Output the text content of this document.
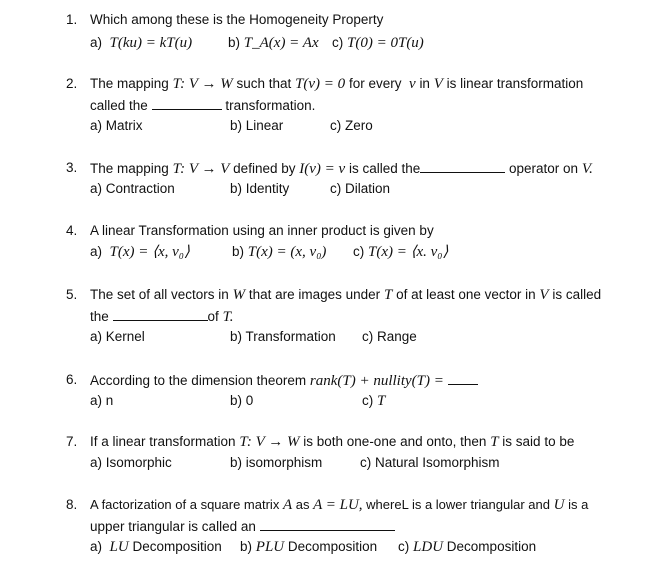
1. Which among these is the Homogeneity Property
a) T(ku) = kT(u)	b) T_A(x) = Ax c) T(0) = 0T(u)
2. The mapping T: V → W such that T(v) = 0 for every v in V is linear transformation
called the	transformation.
a) Matrix	b) Linear	c) Zero
3. The mapping T: V → V defined by I(v) = v is called the	operator on V.
a) Contraction	b) Identity	c) Dilation
4. A linear Transformation using an inner product is given by
a) T(x) = ⟨x, v₀⟩	b) T(x) = (x, v₀) c) T(x) = ⟨x. v₀⟩
5. The set of all vectors in W that are images under T of at least one vector in V is called
the	of T.
a) Kernel	b) Transformation c) Range
6. According to the dimension theorem rank(T) + nullity(T) =
a) n	b) 0	c) T
7. If a linear transformation T: V → W is both one-one and onto, then T is said to be
a) Isomorphic	b) isomorphism	c) Natural Isomorphism
8. A factorization of a square matrix A as A = LU, whereL is a lower triangular and U is a
upper triangular is called an
a) LU Decomposition b) PLU Decomposition c) LDU Decomposition
